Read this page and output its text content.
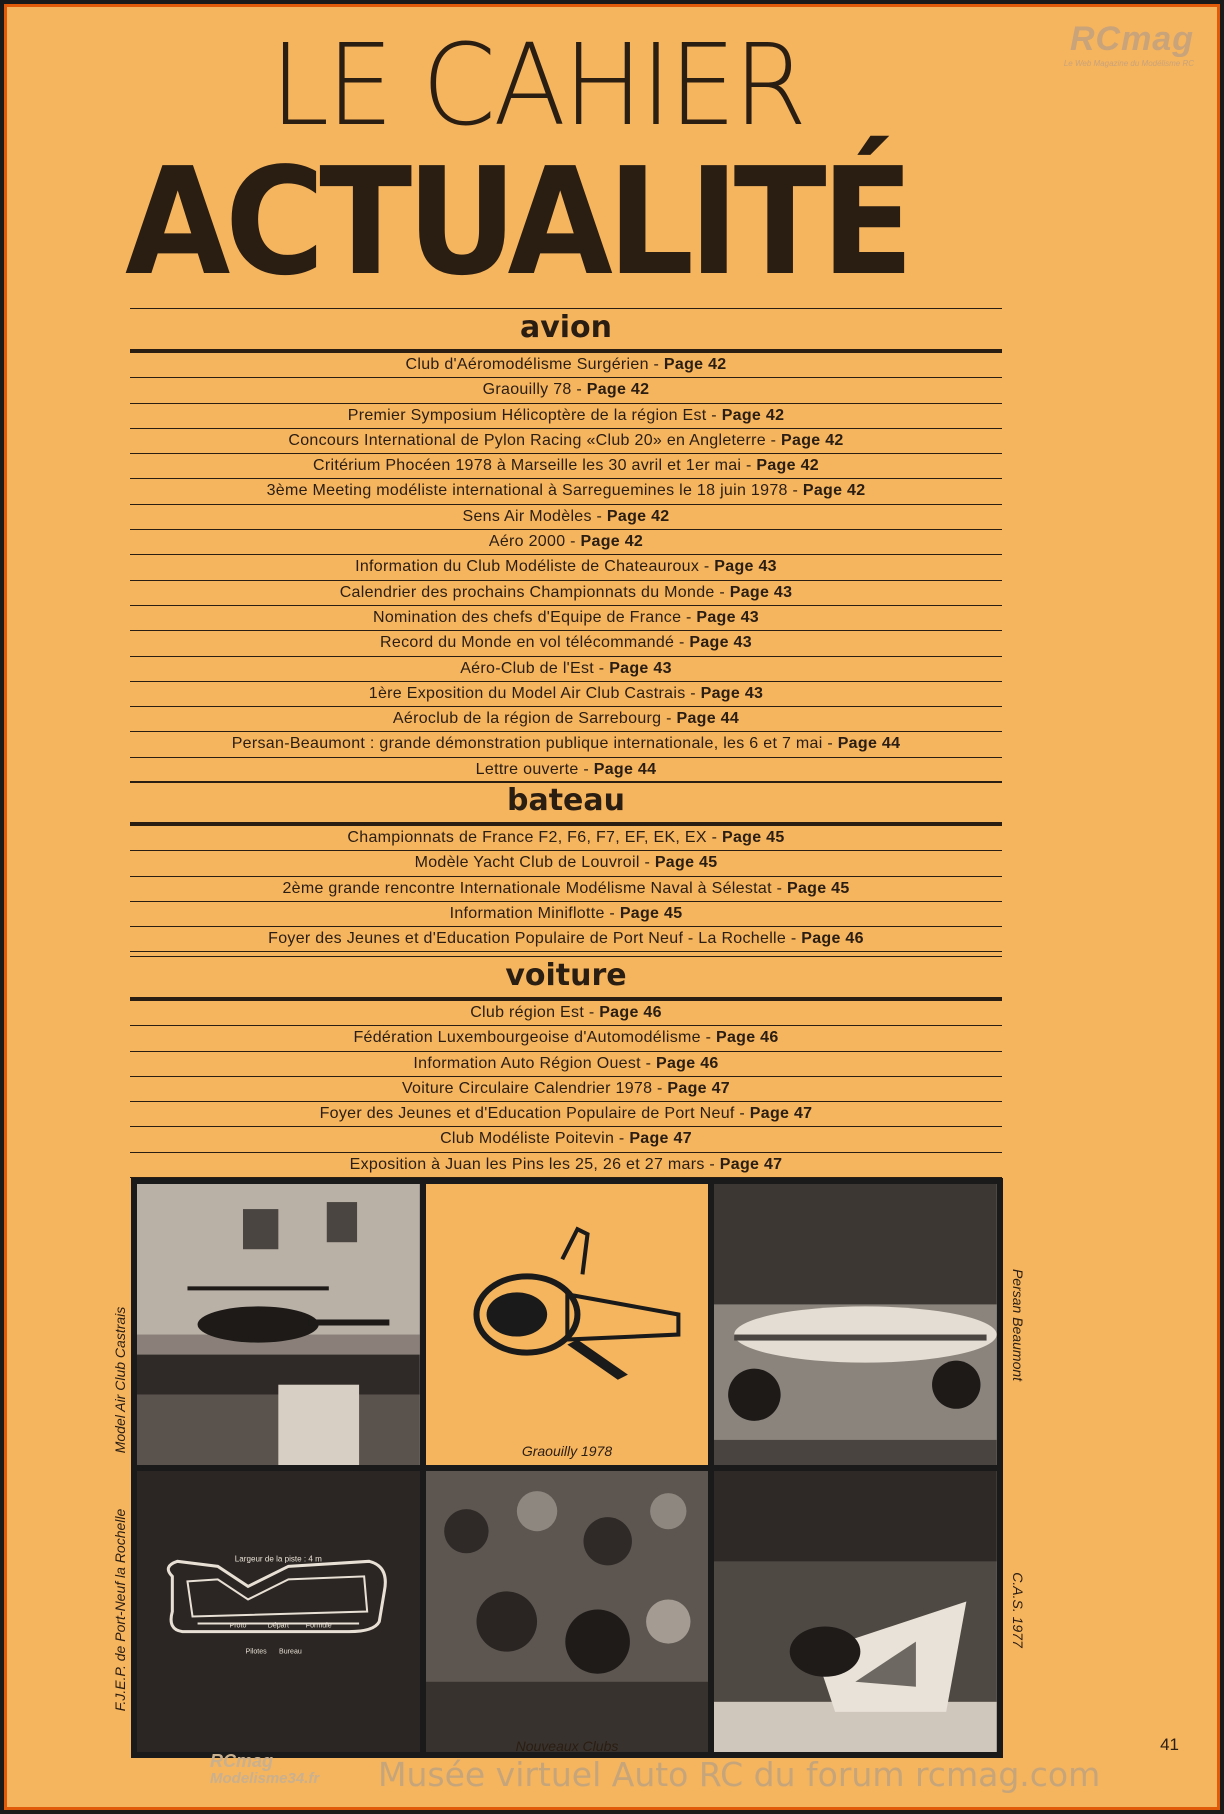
RCmag
Le Web Magazine du Modélisme RC
LE CAHIER
ACTUALITÉ
avion
Club d'Aéromodélisme Surgérien - Page 42
Graouilly 78 - Page 42
Premier Symposium Hélicoptère de la région Est - Page 42
Concours International de Pylon Racing «Club 20» en Angleterre - Page 42
Critérium Phocéen 1978 à Marseille les 30 avril et 1er mai - Page 42
3ème Meeting modéliste international à Sarreguemines le 18 juin 1978 - Page 42
Sens Air Modèles - Page 42
Aéro 2000 - Page 42
Information du Club Modéliste de Chateauroux - Page 43
Calendrier des prochains Championnats du Monde - Page 43
Nomination des chefs d'Equipe de France - Page 43
Record du Monde en vol télécommandé - Page 43
Aéro-Club de l'Est - Page 43
1ère Exposition du Model Air Club Castrais - Page 43
Aéroclub de la région de Sarrebourg - Page 44
Persan-Beaumont : grande démonstration publique internationale, les 6 et 7 mai - Page 44
Lettre ouverte - Page 44
bateau
Championnats de France F2, F6, F7, EF, EK, EX - Page 45
Modèle Yacht Club de Louvroil - Page 45
2ème grande rencontre Internationale Modélisme Naval à Sélestat - Page 45
Information Miniflotte - Page 45
Foyer des Jeunes et d'Education Populaire de Port Neuf - La Rochelle - Page 46
voiture
Club région Est - Page 46
Fédération Luxembourgeoise d'Automodélisme - Page 46
Information Auto Région Ouest - Page 46
Voiture Circulaire Calendrier 1978 - Page 47
Foyer des Jeunes et d'Education Populaire de Port Neuf - Page 47
Club Modéliste Poitevin - Page 47
Exposition à Juan les Pins les 25, 26 et 27 mars - Page 47
Graouilly 1978
Largeur de la piste : 4 m
Proto	Départ Formule
Pilotes Bureau
Nouveaux Clubs
Model Air Club Castrais	Persan Beaumont
F.J.E.P. de Port-Neuf la Rochelle	C.A.S. 1977
41
RCmag
Modelisme34.fr Musée virtuel Auto RC du forum rcmag.com
